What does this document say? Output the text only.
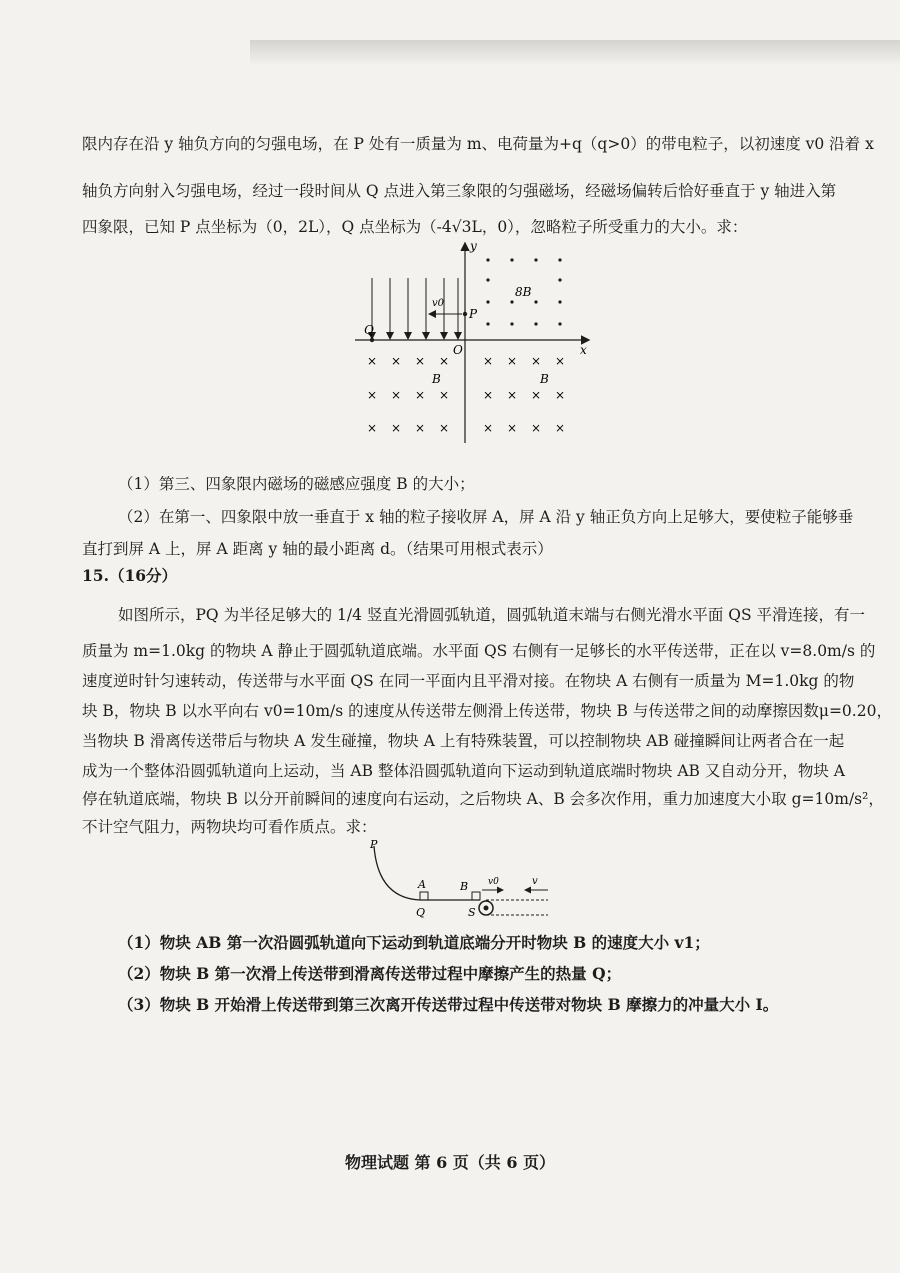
限内存在沿 y 轴负方向的匀强电场，在 P 处有一质量为 m、电荷量为+q（q>0）的带电粒子，以初速度 v0 沿着 x
轴负方向射入匀强电场，经过一段时间从 Q 点进入第三象限的匀强磁场，经磁场偏转后恰好垂直于 y 轴进入第
四象限，已知 P 点坐标为（0，2L），Q 点坐标为（-4√3L，0），忽略粒子所受重力的大小。求：
y
x
O
v0
P
Q
8B
× × × ×	× × × ×
× × × ×	× × × ×
× × × ×	× × × ×
B	B
（1）第三、四象限内磁场的磁感应强度 B 的大小；
（2）在第一、四象限中放一垂直于 x 轴的粒子接收屏 A，屏 A 沿 y 轴正负方向上足够大，要使粒子能够垂
直打到屏 A 上，屏 A 距离 y 轴的最小距离 d。（结果可用根式表示）
15.（16分）
如图所示，PQ 为半径足够大的 1/4 竖直光滑圆弧轨道，圆弧轨道末端与右侧光滑水平面 QS 平滑连接，有一
质量为 m=1.0kg 的物块 A 静止于圆弧轨道底端。水平面 QS 右侧有一足够长的水平传送带，正在以 v=8.0m/s 的
速度逆时针匀速转动，传送带与水平面 QS 在同一平面内且平滑对接。在物块 A 右侧有一质量为 M=1.0kg 的物
块 B，物块 B 以水平向右 v0=10m/s 的速度从传送带左侧滑上传送带，物块 B 与传送带之间的动摩擦因数μ=0.20，
当物块 B 滑离传送带后与物块 A 发生碰撞，物块 A 上有特殊装置，可以控制物块 AB 碰撞瞬间让两者合在一起
成为一个整体沿圆弧轨道向上运动，当 AB 整体沿圆弧轨道向下运动到轨道底端时物块 AB 又自动分开，物块 A
停在轨道底端，物块 B 以分开前瞬间的速度向右运动，之后物块 A、B 会多次作用，重力加速度大小取 g=10m/s²，
不计空气阻力，两物块均可看作质点。求：
P
A
Q
B v0
S
v
（1）物块 AB 第一次沿圆弧轨道向下运动到轨道底端分开时物块 B 的速度大小 v1；
（2）物块 B 第一次滑上传送带到滑离传送带过程中摩擦产生的热量 Q；
（3）物块 B 开始滑上传送带到第三次离开传送带过程中传送带对物块 B 摩擦力的冲量大小 I。
物理试题 第 6 页（共 6 页）
